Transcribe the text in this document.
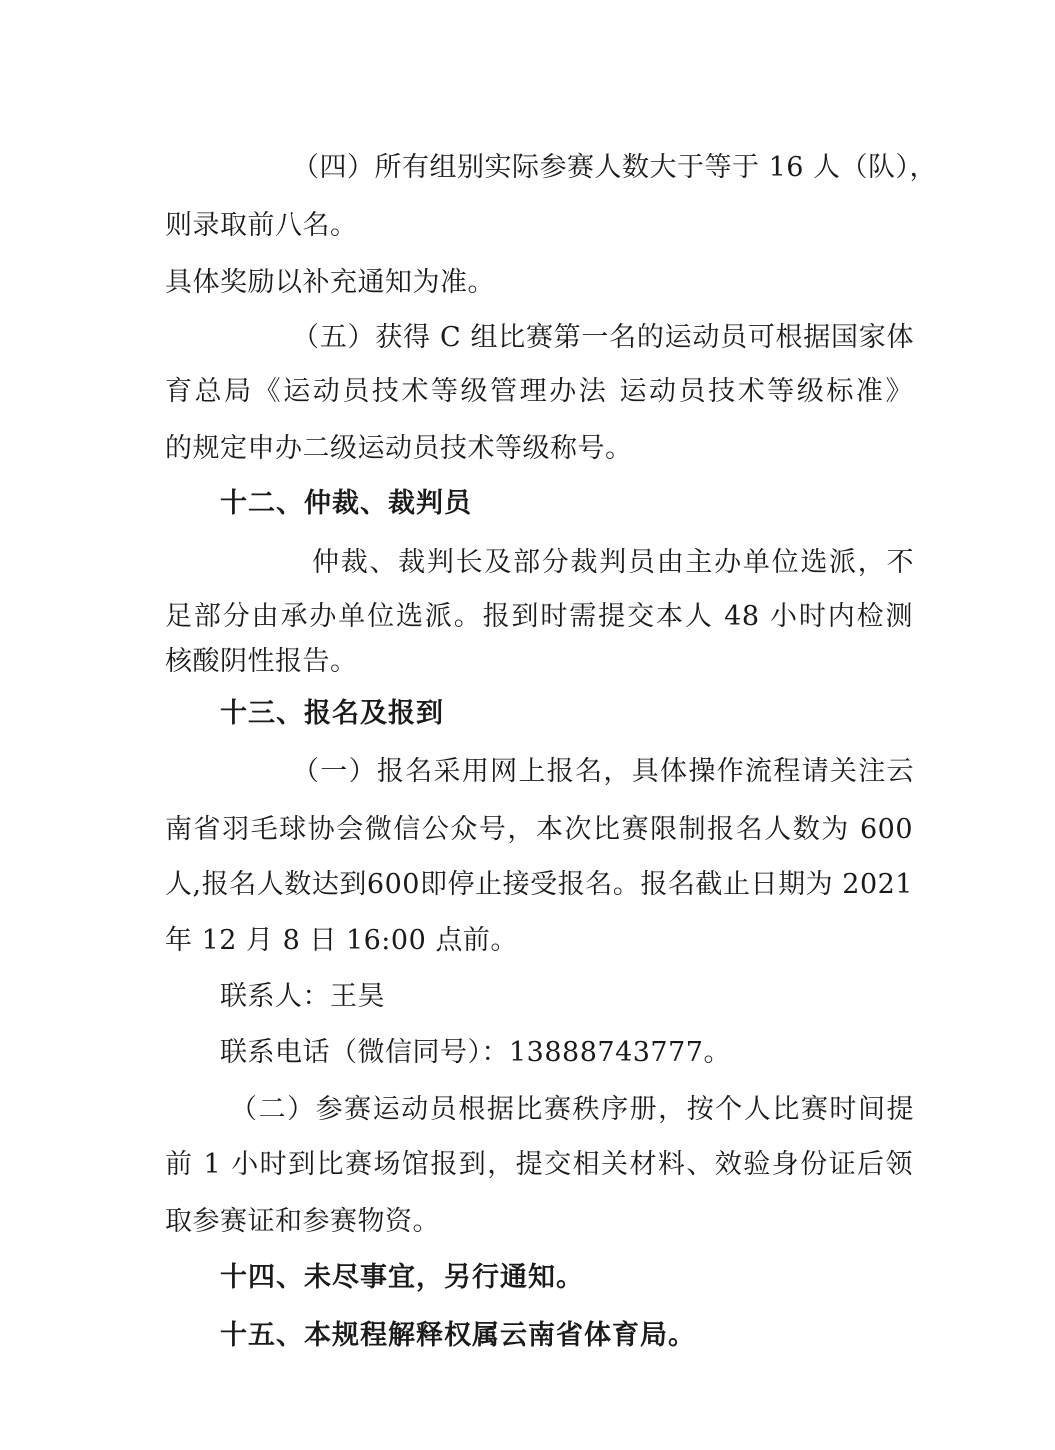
（四）所有组别实际参赛人数大于等于 16 人（队），
则录取前八名。
具体奖励以补充通知为准。
（五）获得 C 组比赛第一名的运动员可根据国家体
育总局《运动员技术等级管理办法 运动员技术等级标准》
的规定申办二级运动员技术等级称号。
十二、仲裁、裁判员
仲裁、裁判长及部分裁判员由主办单位选派，不
足部分由承办单位选派。报到时需提交本人 48 小时内检测
核酸阴性报告。
十三、报名及报到
（一）报名采用网上报名，具体操作流程请关注云
南省羽毛球协会微信公众号，本次比赛限制报名人数为 600
人,报名人数达到600即停止接受报名。报名截止日期为 2021
年 12 月 8 日 16:00 点前。
联系人：王昊
联系电话（微信同号）：13888743777。
（二）参赛运动员根据比赛秩序册，按个人比赛时间提
前 1 小时到比赛场馆报到，提交相关材料、效验身份证后领
取参赛证和参赛物资。
十四、未尽事宜，另行通知。
十五、本规程解释权属云南省体育局。
